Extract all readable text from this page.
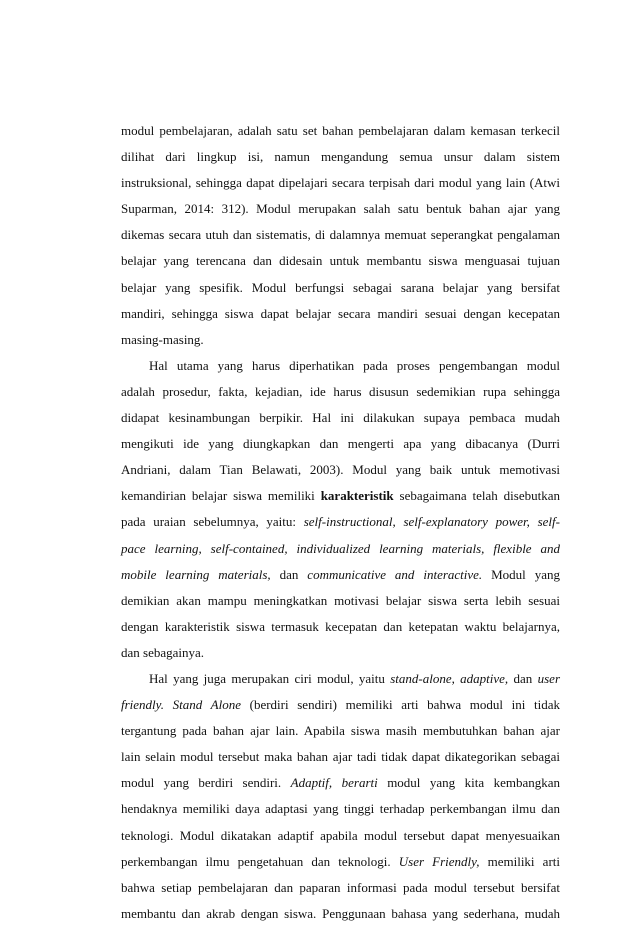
modul pembelajaran, adalah satu set bahan pembelajaran dalam kemasan terkecil
dilihat dari lingkup isi, namun mengandung semua unsur dalam sistem
instruksional, sehingga dapat dipelajari secara terpisah dari modul yang lain (Atwi
Suparman, 2014: 312). Modul merupakan salah satu bentuk bahan ajar yang
dikemas secara utuh dan sistematis, di dalamnya memuat seperangkat pengalaman
belajar yang terencana dan didesain untuk membantu siswa menguasai tujuan
belajar yang spesifik. Modul berfungsi sebagai sarana belajar yang bersifat
mandiri, sehingga siswa dapat belajar secara mandiri sesuai dengan kecepatan
masing-masing.
Hal utama yang harus diperhatikan pada proses pengembangan modul
adalah prosedur, fakta, kejadian, ide harus disusun sedemikian rupa sehingga
didapat kesinambungan berpikir. Hal ini dilakukan supaya pembaca mudah
mengikuti ide yang diungkapkan dan mengerti apa yang dibacanya (Durri
Andriani, dalam Tian Belawati, 2003). Modul yang baik untuk memotivasi
kemandirian belajar siswa memiliki karakteristik sebagaimana telah disebutkan
pada uraian sebelumnya, yaitu: self-instructional, self-explanatory power, self-
pace learning, self-contained, individualized learning materials, flexible and
mobile learning materials, dan communicative and interactive. Modul yang
demikian akan mampu meningkatkan motivasi belajar siswa serta lebih sesuai
dengan karakteristik siswa termasuk kecepatan dan ketepatan waktu belajarnya,
dan sebagainya.
Hal yang juga merupakan ciri modul, yaitu stand-alone, adaptive, dan user
friendly. Stand Alone (berdiri sendiri) memiliki arti bahwa modul ini tidak
tergantung pada bahan ajar lain. Apabila siswa masih membutuhkan bahan ajar
lain selain modul tersebut maka bahan ajar tadi tidak dapat dikategorikan sebagai
modul yang berdiri sendiri. Adaptif, berarti modul yang kita kembangkan
hendaknya memiliki daya adaptasi yang tinggi terhadap perkembangan ilmu dan
teknologi. Modul dikatakan adaptif apabila modul tersebut dapat menyesuaikan
perkembangan ilmu pengetahuan dan teknologi. User Friendly, memiliki arti
bahwa setiap pembelajaran dan paparan informasi pada modul tersebut bersifat
membantu dan akrab dengan siswa. Penggunaan bahasa yang sederhana, mudah
